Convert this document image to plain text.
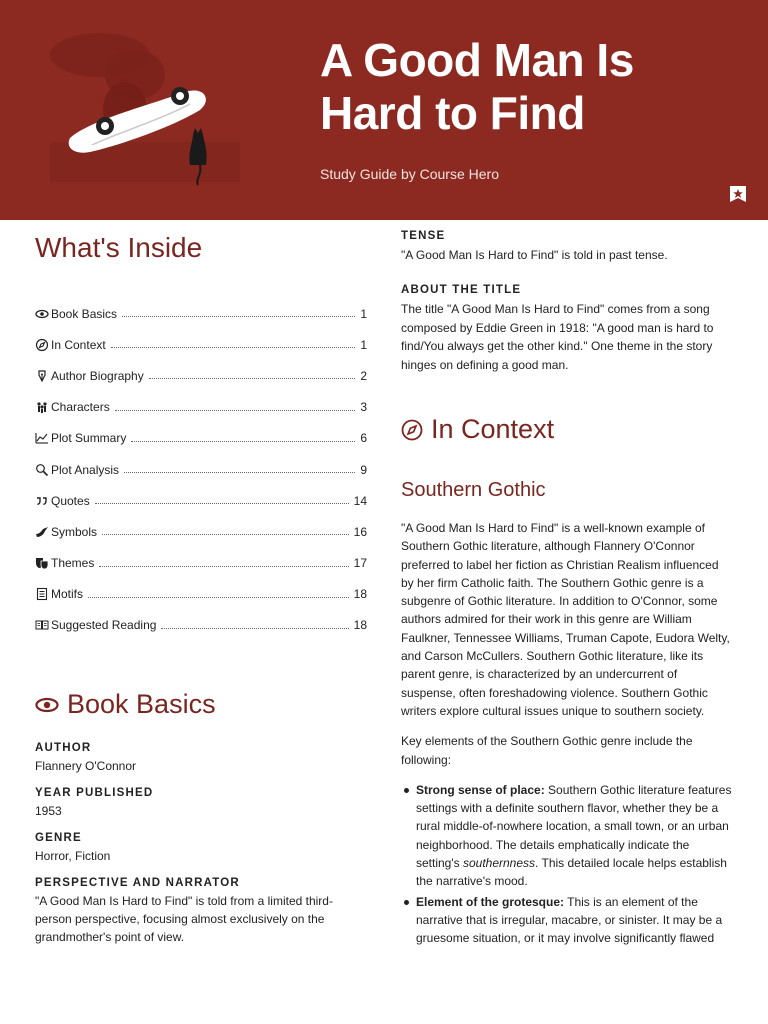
A Good Man Is Hard to Find
Study Guide by Course Hero
What's Inside
Book Basics	1
In Context	1
Author Biography	2
Characters	3
Plot Summary	6
Plot Analysis	9
Quotes	14
Symbols	16
Themes	17
Motifs	18
Suggested Reading	18
Book Basics

AUTHOR

Flannery O'Connor

YEAR PUBLISHED

1953

GENRE

Horror, Fiction

PERSPECTIVE AND NARRATOR

"A Good Man Is Hard to Find" is told from a limited third-person perspective, focusing almost exclusively on the grandmother's point of view.

TENSE

"A Good Man Is Hard to Find" is told in past tense.

ABOUT THE TITLE

The title "A Good Man Is Hard to Find" comes from a song composed by Eddie Green in 1918: "A good man is hard to find/You always get the other kind." One theme in the story hinges on defining a good man.

In Context
Southern Gothic

"A Good Man Is Hard to Find" is a well-known example of Southern Gothic literature, although Flannery O'Connor preferred to label her fiction as Christian Realism influenced by her firm Catholic faith. The Southern Gothic genre is a subgenre of Gothic literature. In addition to O'Connor, some authors admired for their work in this genre are William Faulkner, Tennessee Williams, Truman Capote, Eudora Welty, and Carson McCullers. Southern Gothic literature, like its parent genre, is characterized by an undercurrent of suspense, often foreshadowing violence. Southern Gothic writers explore cultural issues unique to southern society.

Key elements of the Southern Gothic genre include the following:

Strong sense of place: Southern Gothic literature features settings with a definite southern flavor, whether they be a rural middle-of-nowhere location, a small town, or an urban neighborhood. The details emphatically indicate the setting's southernness. This detailed locale helps establish the narrative's mood.
Element of the grotesque: This is an element of the narrative that is irregular, macabre, or sinister. It may be a gruesome situation, or it may involve significantly flawed
